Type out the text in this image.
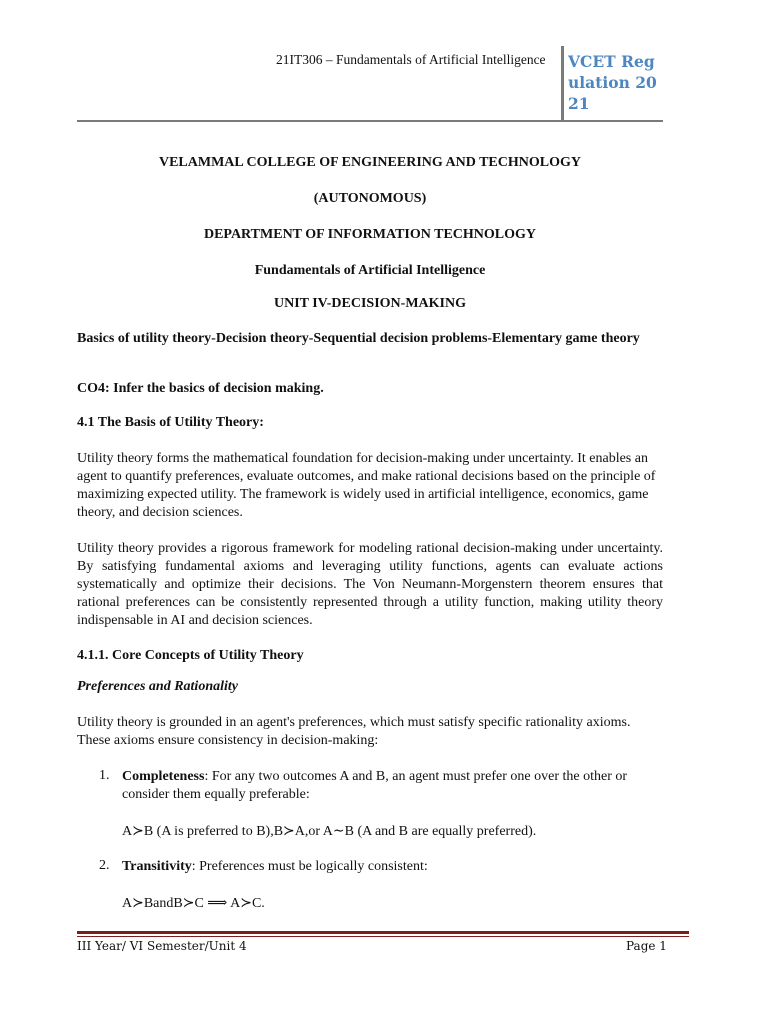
21IT306 – Fundamentals of Artificial Intelligence VCET Regulation 2021
VELAMMAL COLLEGE OF ENGINEERING AND TECHNOLOGY
(AUTONOMOUS)
DEPARTMENT OF INFORMATION TECHNOLOGY
Fundamentals of Artificial Intelligence
UNIT IV-DECISION-MAKING
Basics of utility theory-Decision theory-Sequential decision problems-Elementary game theory
CO4: Infer the basics of decision making.
4.1 The Basis of Utility Theory:
Utility theory forms the mathematical foundation for decision-making under uncertainty. It enables an agent to quantify preferences, evaluate outcomes, and make rational decisions based on the principle of maximizing expected utility. The framework is widely used in artificial intelligence, economics, game theory, and decision sciences.
Utility theory provides a rigorous framework for modeling rational decision-making under uncertainty. By satisfying fundamental axioms and leveraging utility functions, agents can evaluate actions systematically and optimize their decisions. The Von Neumann-Morgenstern theorem ensures that rational preferences can be consistently represented through a utility function, making utility theory indispensable in AI and decision sciences.
4.1.1. Core Concepts of Utility Theory
Preferences and Rationality
Utility theory is grounded in an agent's preferences, which must satisfy specific rationality axioms. These axioms ensure consistency in decision-making:
1. Completeness: For any two outcomes A and B, an agent must prefer one over the other or consider them equally preferable:
A≻B (A is preferred to B),B≻A,or A∼B (A and B are equally preferred).
2. Transitivity: Preferences must be logically consistent:
A≻BandB≻C ⟹ A≻C.
III Year/ VI Semester/Unit 4	Page 1
